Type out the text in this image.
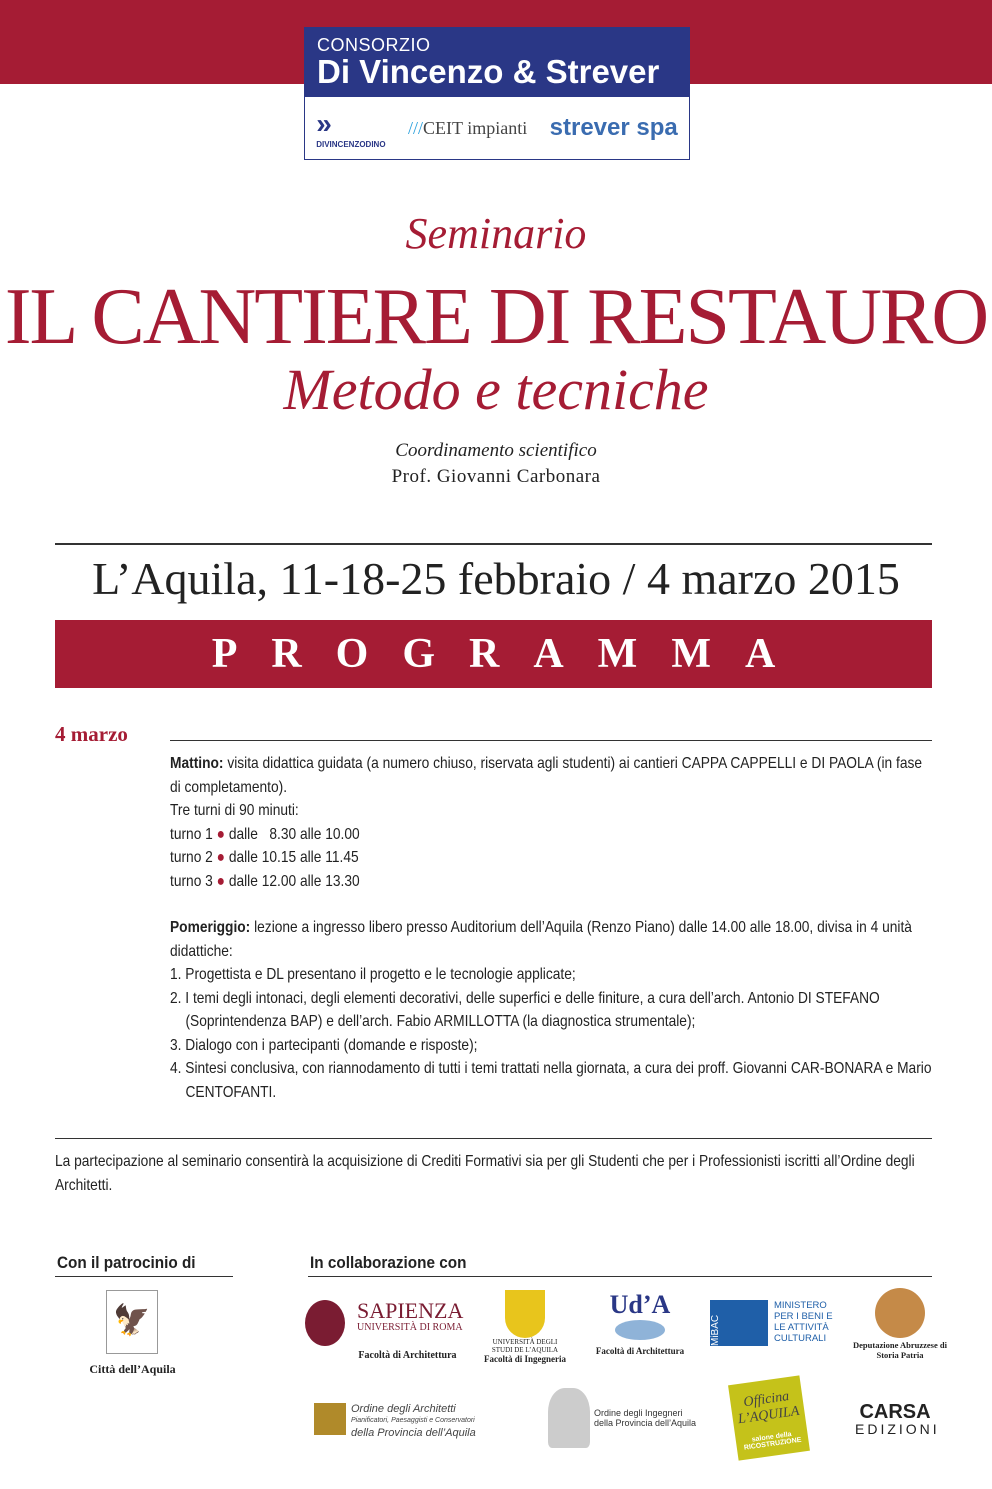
CONSORZIO
Di Vincenzo & Strever
»
DIVINCENZODINO
///CEIT impianti strever spa
Seminario
IL CANTIERE DI RESTAURO
Metodo e tecniche
Coordinamento scientifico
Prof. Giovanni Carbonara
L’Aquila, 11-18-25 febbraio / 4 marzo 2015
PROGRAMMA
4 marzo
Mattino: visita didattica guidata (a numero chiuso, riservata agli studenti) ai cantieri CAPPA CAPPELLI e DI PAOLA (in fase di completamento).
Tre turni di 90 minuti:
turno 1 ● dalle   8.30 alle 10.00
turno 2 ● dalle 10.15 alle 11.45
turno 3 ● dalle 12.00 alle 13.30
Pomeriggio: lezione a ingresso libero presso Auditorium dell’Aquila (Renzo Piano) dalle 14.00 alle 18.00, divisa in 4 unità didattiche:
1. Progettista e DL presentano il progetto e le tecnologie applicate;
2. I temi degli intonaci, degli elementi decorativi, delle superfici e delle finiture, a cura dell’arch. Antonio DI STEFANO (Soprintendenza BAP) e dell’arch. Fabio ARMILLOTTA (la diagnostica strumentale);
3. Dialogo con i partecipanti (domande e risposte);
4. Sintesi conclusiva, con riannodamento di tutti i temi trattati nella giornata, a cura dei proff. Giovanni CAR-BONARA e Mario CENTOFANTI.
La partecipazione al seminario consentirà la acquisizione di Crediti Formativi sia per gli Studenti che per i Professionisti iscritti all’Ordine degli Architetti.
Con il patrocinio di
🦅
Città dell’Aquila
In collaborazione con
SAPIENZA
UNIVERSITÀ DI ROMA
Facoltà di Architettura
UNIVERSITÀ DEGLI STUDI DE L’AQUILA
Facoltà di Ingegneria
Ud’A
Facoltà di Architettura
MiBAC
MINISTERO PER I BENI E LE ATTIVITÀ CULTURALI
Deputazione Abruzzese di Storia Patria
Ordine degli Architetti
Pianificatori, Paesaggisti e Conservatori
della Provincia dell’Aquila
Ordine degli Ingegneri
della Provincia dell’Aquila
Officina L’AQUILA
salone della RICOSTRUZIONE
CARSA
EDIZIONI
